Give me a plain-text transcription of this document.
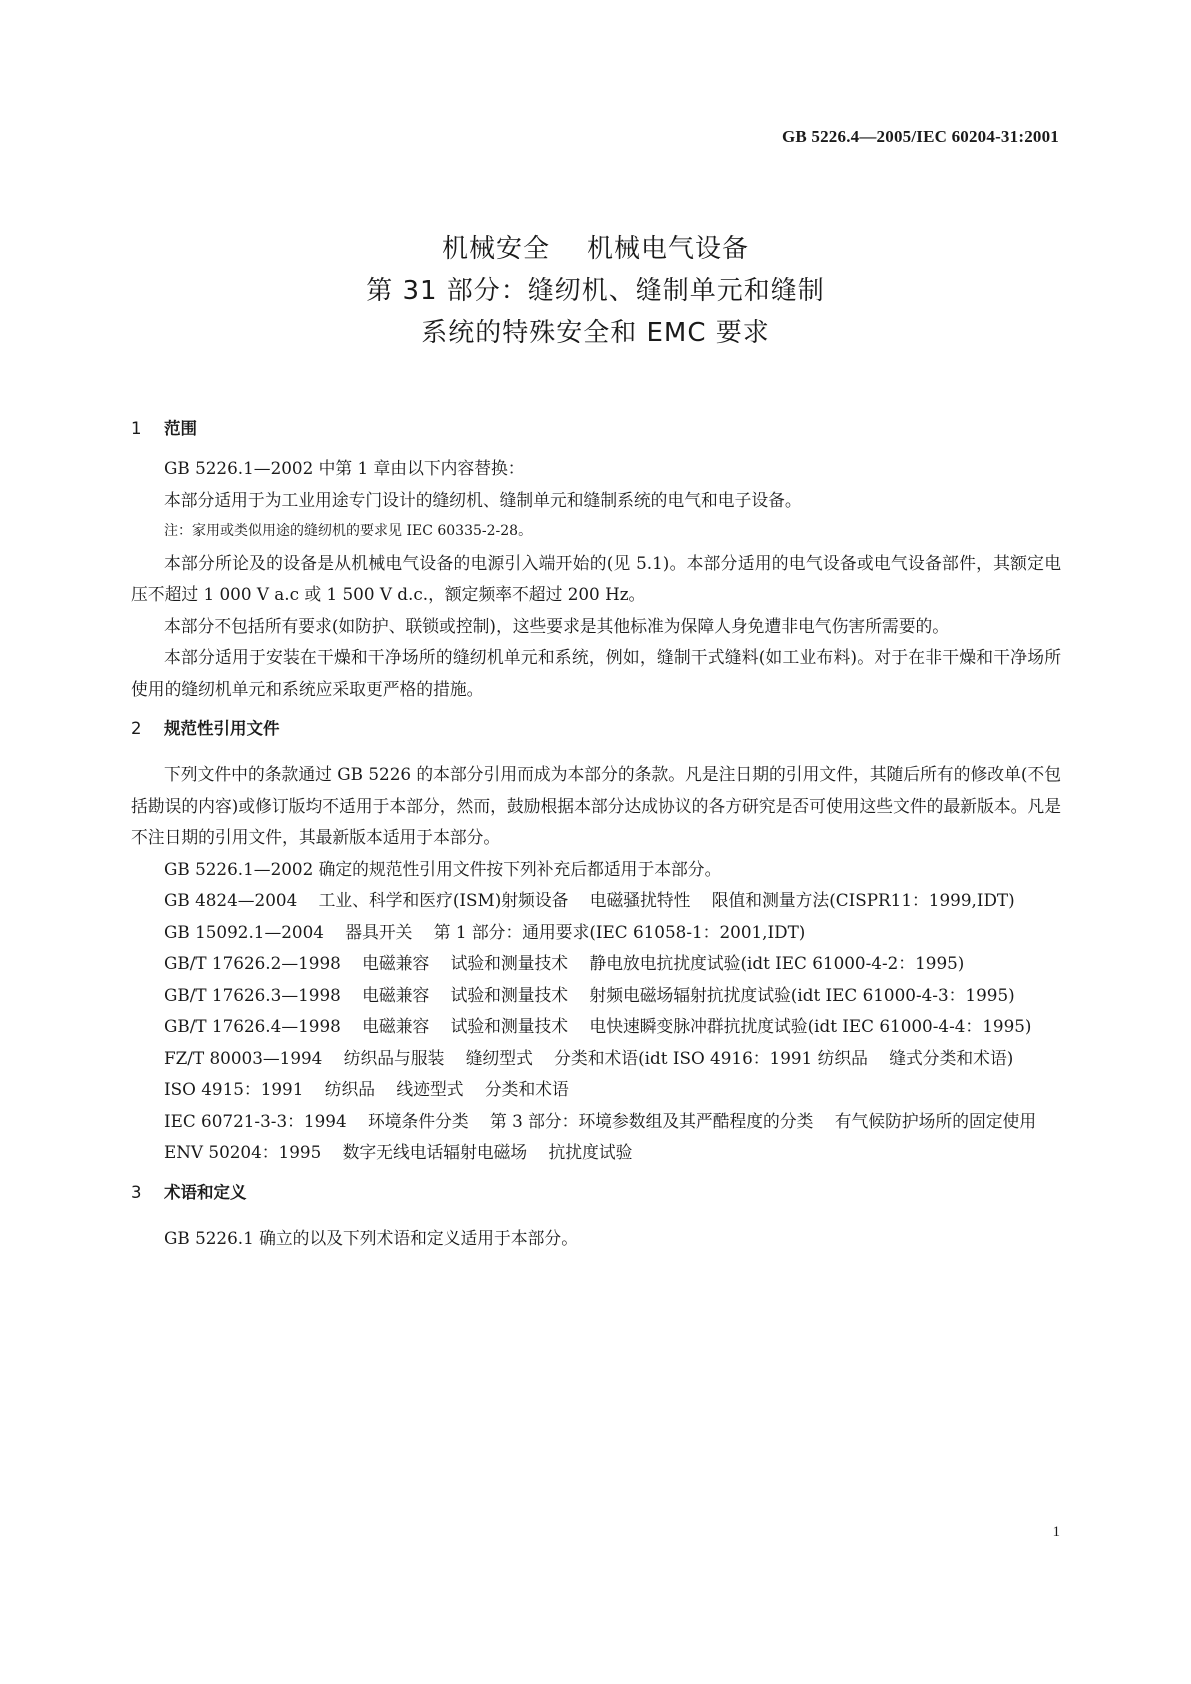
GB 5226.4—2005/IEC 60204-31:2001
机械安全    机械电气设备
第 31 部分：缝纫机、缝制单元和缝制
系统的特殊安全和 EMC 要求
1 范围

GB 5226.1—2002 中第 1 章由以下内容替换：

本部分适用于为工业用途专门设计的缝纫机、缝制单元和缝制系统的电气和电子设备。

注：家用或类似用途的缝纫机的要求见 IEC 60335-2-28。

本部分所论及的设备是从机械电气设备的电源引入端开始的(见 5.1)。本部分适用的电气设备或电气设备部件，其额定电压不超过 1 000 V a.c 或 1 500 V d.c.，额定频率不超过 200 Hz。

本部分不包括所有要求(如防护、联锁或控制)，这些要求是其他标准为保障人身免遭非电气伤害所需要的。

本部分适用于安装在干燥和干净场所的缝纫机单元和系统，例如，缝制干式缝料(如工业布料)。对于在非干燥和干净场所使用的缝纫机单元和系统应采取更严格的措施。

2 规范性引用文件

下列文件中的条款通过 GB 5226 的本部分引用而成为本部分的条款。凡是注日期的引用文件，其随后所有的修改单(不包括勘误的内容)或修订版均不适用于本部分，然而，鼓励根据本部分达成协议的各方研究是否可使用这些文件的最新版本。凡是不注日期的引用文件，其最新版本适用于本部分。

GB 5226.1—2002 确定的规范性引用文件按下列补充后都适用于本部分。

GB 4824—2004    工业、科学和医疗(ISM)射频设备    电磁骚扰特性    限值和测量方法(CISPR11：1999,IDT)

GB 15092.1—2004    器具开关    第 1 部分：通用要求(IEC 61058-1：2001,IDT)

GB/T 17626.2—1998    电磁兼容    试验和测量技术    静电放电抗扰度试验(idt IEC 61000-4-2：1995)

GB/T 17626.3—1998    电磁兼容    试验和测量技术    射频电磁场辐射抗扰度试验(idt IEC 61000-4-3：1995)

GB/T 17626.4—1998    电磁兼容    试验和测量技术    电快速瞬变脉冲群抗扰度试验(idt IEC 61000-4-4：1995)

FZ/T 80003—1994    纺织品与服装    缝纫型式    分类和术语(idt ISO 4916：1991 纺织品    缝式分类和术语)

ISO 4915：1991    纺织品    线迹型式    分类和术语

IEC 60721-3-3：1994    环境条件分类    第 3 部分：环境参数组及其严酷程度的分类    有气候防护场所的固定使用

ENV 50204：1995    数字无线电话辐射电磁场    抗扰度试验

3 术语和定义

GB 5226.1 确立的以及下列术语和定义适用于本部分。

1
